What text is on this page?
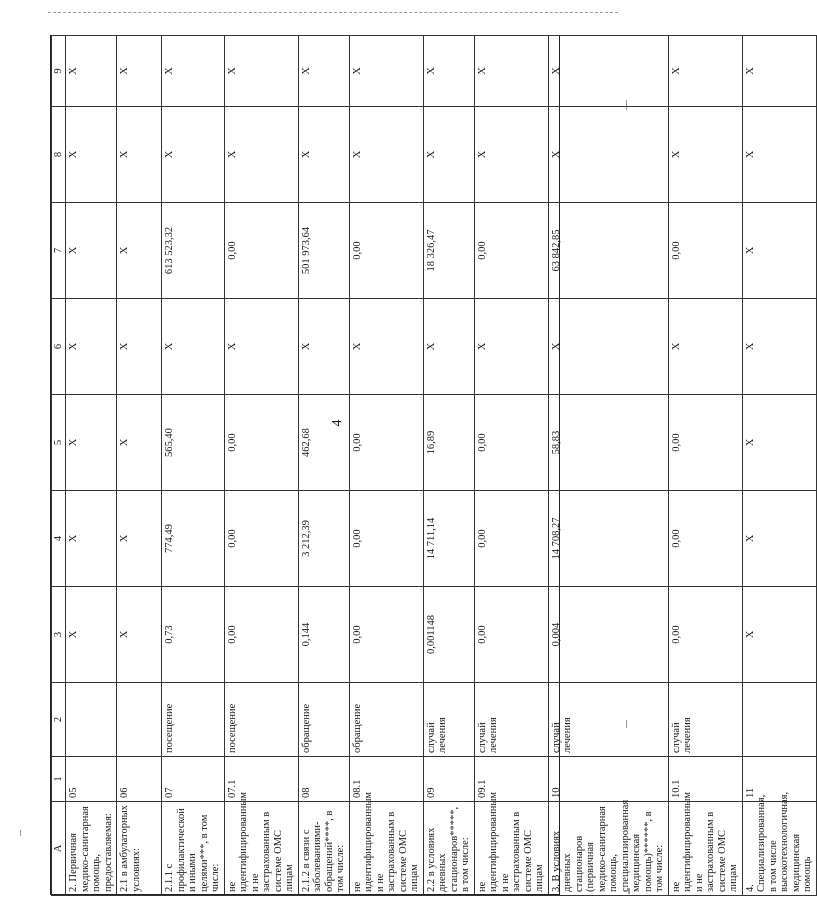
4
A	1	2	3	4	5	6	7	8	9
2. Первичная медико-санитарная помощь, предоставляемая:	05		X	X	X	X	X	X	X
2.1 в амбулаторных условиях:	06		X	X	X	X	X	X	X
2.1.1 с профилактической и иными целями***, в том числе:	07	посещение	0,73	774,49	565,40	X	613 523,32	X	X
не идентифицированным и не застрахованным в системе ОМС лицам	07.1	посещение	0,00	0,00	0,00	X	0,00	X	X
2.1.2 в связи с заболеваниями-обращений****, в том числе:	08	обращение	0,144	3 212,39	462,68	X	501 973,64	X	X
не идентифицированным и не застрахованным в системе ОМС лицам	08.1	обращение	0,00	0,00	0,00	X	0,00	X	X
2.2 в условиях дневных стационаров*****, в том числе:	09	случай лечения	0,001148	14 711,14	16,89	X	18 326,47	X	X
не идентифицированным и не застрахованным в системе ОМС лицам	09.1	случай лечения	0,00	0,00	0,00	X	0,00	X	X
3. В условиях дневных стационаров (первичная медико-санитарная помощь, специализированная медицинская помощь)******, в том числе:	10	случай лечения	0,004	14 708,27	58,83	X	63 842,85	X	X
не идентифицированным и не застрахованным в системе ОМС лицам	10.1	случай лечения	0,00	0,00	0,00	X	0,00	X	X
4. Специализированная, в том числе высокотехнологичная, медицинская помощь	11		X	X	X	X	X	X	X
